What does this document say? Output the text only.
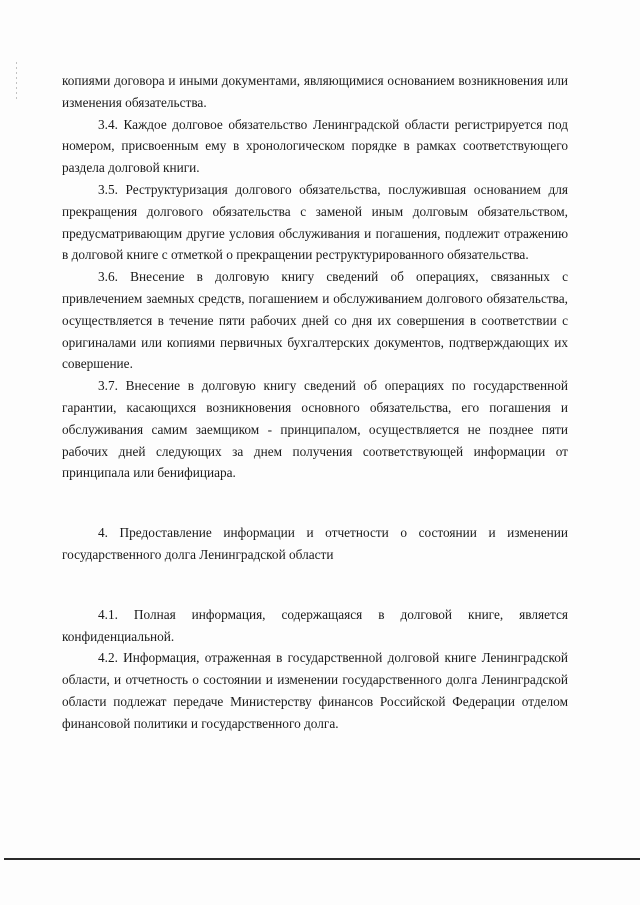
копиями договора и иными документами, являющимися основанием возникновения или изменения обязательства.

3.4. Каждое долговое обязательство Ленинградской области регистрируется под номером, присвоенным ему в хронологическом порядке в рамках соответствующего раздела долговой книги.

3.5. Реструктуризация долгового обязательства, послужившая основанием для прекращения долгового обязательства с заменой иным долговым обязательством, предусматривающим другие условия обслуживания и погашения, подлежит отражению в долговой книге с отметкой о прекращении реструктурированного обязательства.

3.6. Внесение в долговую книгу сведений об операциях, связанных с привлечением заемных средств, погашением и обслуживанием долгового обязательства, осуществляется в течение пяти рабочих дней со дня их совершения в соответствии с оригиналами или копиями первичных бухгалтерских документов, подтверждающих их совершение.

3.7. Внесение в долговую книгу сведений об операциях по государственной гарантии, касающихся возникновения основного обязательства, его погашения и обслуживания самим заемщиком - принципалом, осуществляется не позднее пяти рабочих дней следующих за днем получения соответствующей информации от принципала или бенифициара.

4. Предоставление информации и отчетности о состоянии и изменении государственного долга Ленинградской области

4.1. Полная информация, содержащаяся в долговой книге, является конфиденциальной.

4.2. Информация, отраженная в государственной долговой книге Ленинградской области, и отчетность о состоянии и изменении государственного долга Ленинградской области подлежат передаче Министерству финансов Российской Федерации отделом финансовой политики и государственного долга.
